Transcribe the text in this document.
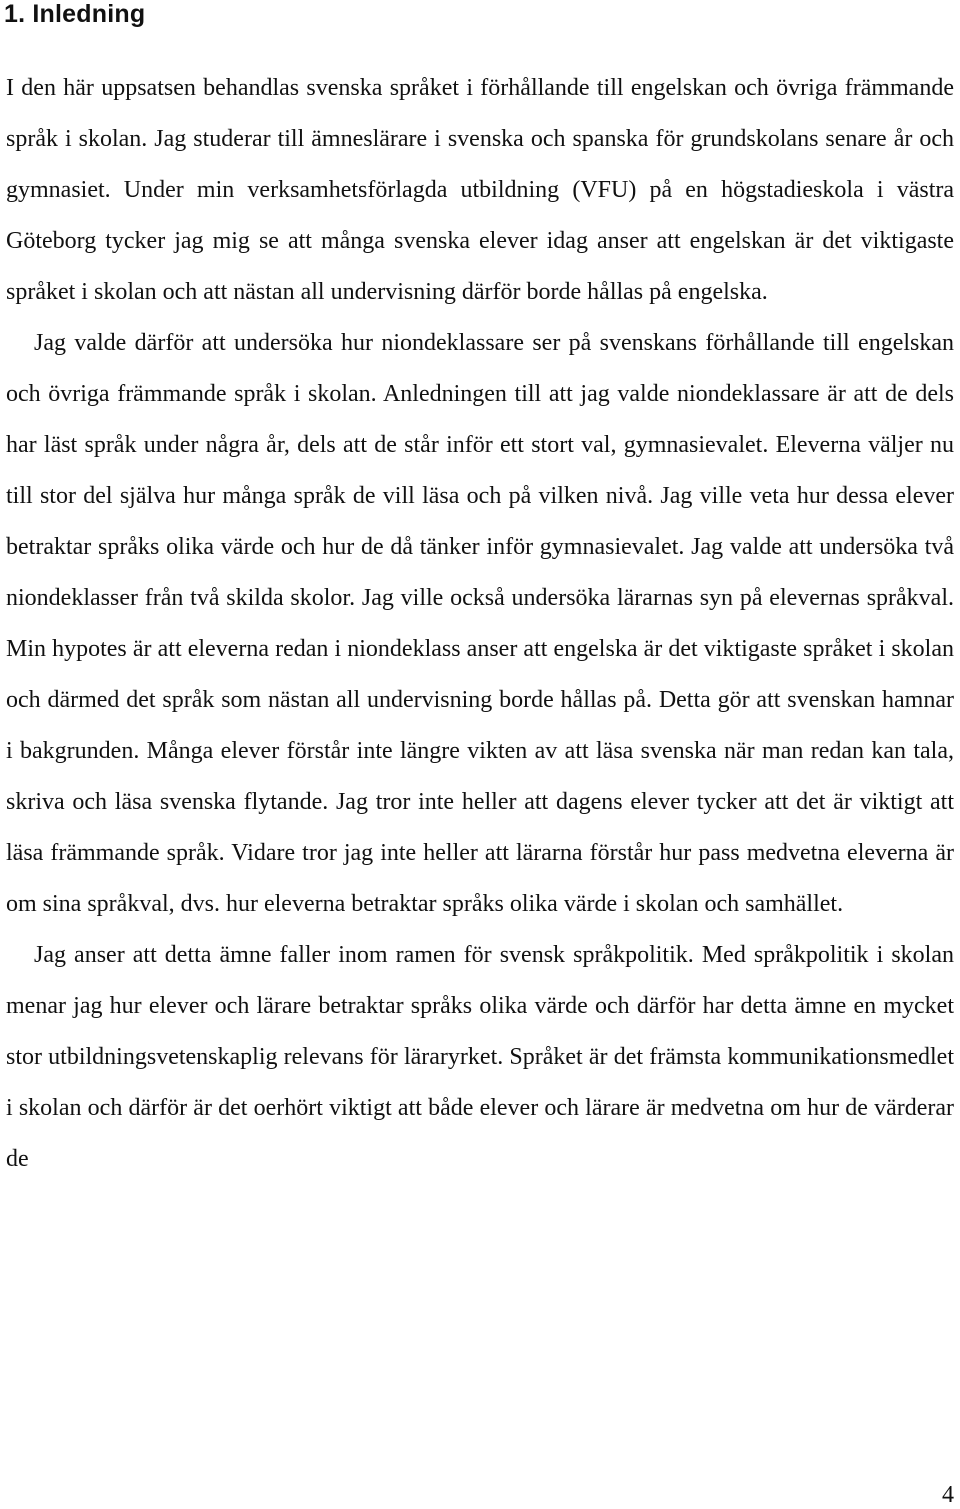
1. Inledning

I den här uppsatsen behandlas svenska språket i förhållande till engelskan och övriga främmande språk i skolan. Jag studerar till ämneslärare i svenska och spanska för grundskolans senare år och gymnasiet. Under min verksamhetsförlagda utbildning (VFU) på en högstadieskola i västra Göteborg tycker jag mig se att många svenska elever idag anser att engelskan är det viktigaste språket i skolan och att nästan all undervisning därför borde hållas på engelska.

Jag valde därför att undersöka hur niondeklassare ser på svenskans förhållande till engelskan och övriga främmande språk i skolan. Anledningen till att jag valde niondeklassare är att de dels har läst språk under några år, dels att de står inför ett stort val, gymnasievalet. Eleverna väljer nu till stor del själva hur många språk de vill läsa och på vilken nivå. Jag ville veta hur dessa elever betraktar språks olika värde och hur de då tänker inför gymnasievalet. Jag valde att undersöka två niondeklasser från två skilda skolor. Jag ville också undersöka lärarnas syn på elevernas språkval. Min hypotes är att eleverna redan i niondeklass anser att engelska är det viktigaste språket i skolan och därmed det språk som nästan all undervisning borde hållas på. Detta gör att svenskan hamnar i bakgrunden. Många elever förstår inte längre vikten av att läsa svenska när man redan kan tala, skriva och läsa svenska flytande. Jag tror inte heller att dagens elever tycker att det är viktigt att läsa främmande språk. Vidare tror jag inte heller att lärarna förstår hur pass medvetna eleverna är om sina språkval, dvs. hur eleverna betraktar språks olika värde i skolan och samhället.

Jag anser att detta ämne faller inom ramen för svensk språkpolitik. Med språkpolitik i skolan menar jag hur elever och lärare betraktar språks olika värde och därför har detta ämne en mycket stor utbildningsvetenskaplig relevans för läraryrket. Språket är det främsta kommunikationsmedlet i skolan och därför är det oerhört viktigt att både elever och lärare är medvetna om hur de värderar de

4
